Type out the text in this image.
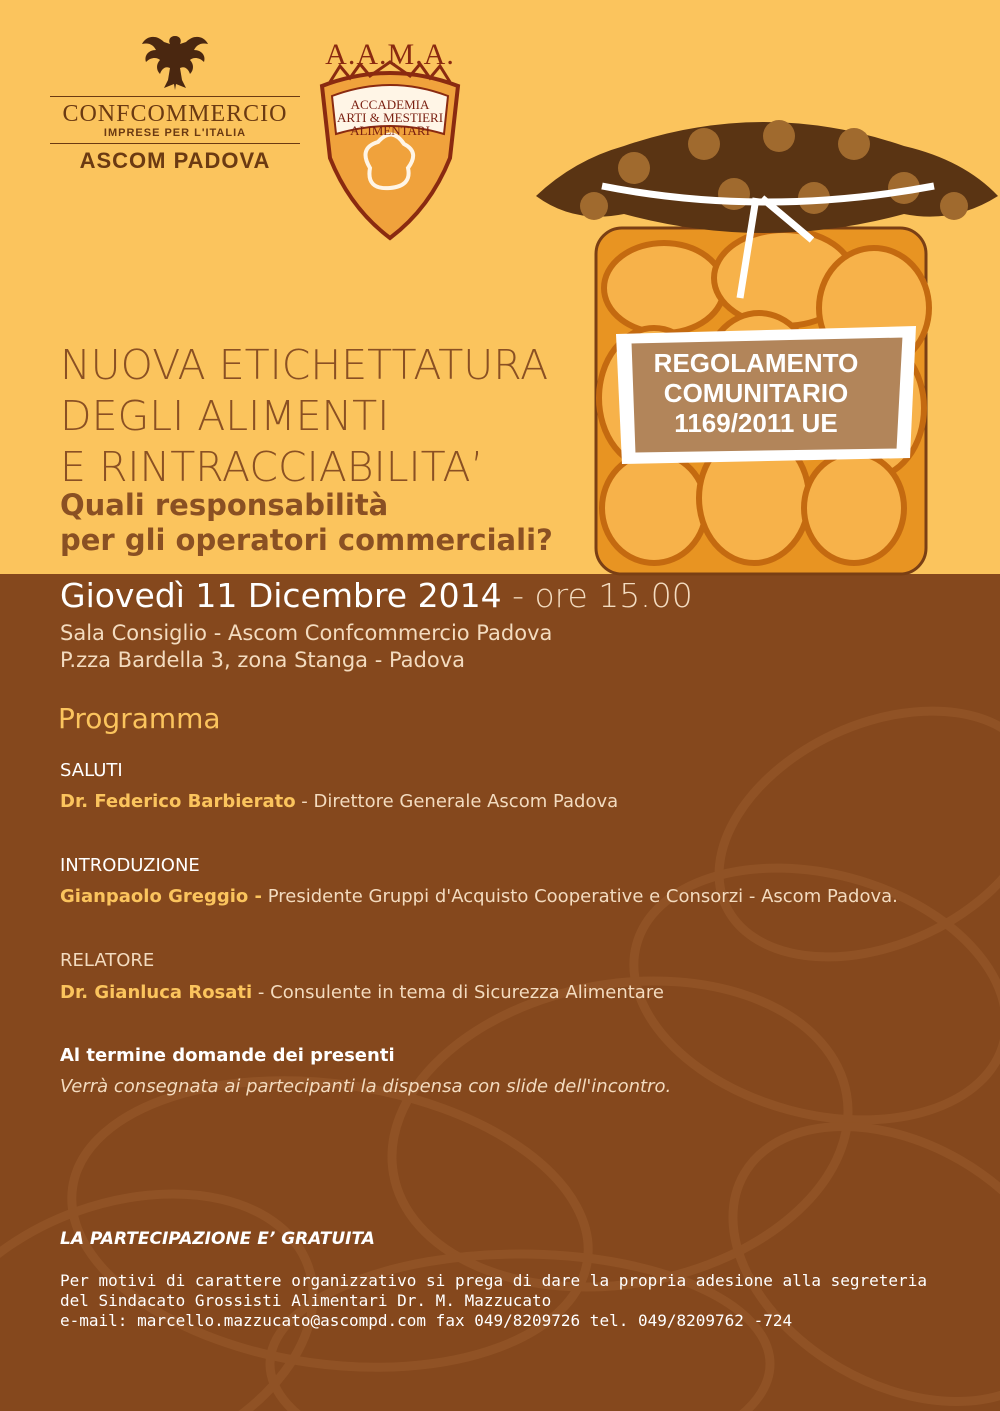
CONFCOMMERCIO
IMPRESE PER L'ITALIA
ASCOM PADOVA
A.A.M.A.
ACCADEMIA
ARTI & MESTIERI
ALIMENTARI
REGOLAMENTO
COMUNITARIO
1169/2011 UE
NUOVA ETICHETTATURA
DEGLI ALIMENTI
E RINTRACCIABILITA’
Quali responsabilità
per gli operatori commerciali?
Giovedì 11 Dicembre 2014 - ore 15.00
Sala Consiglio - Ascom Confcommercio Padova
P.zza Bardella 3, zona Stanga - Padova
Programma
SALUTI
Dr. Federico Barbierato - Direttore Generale Ascom Padova
INTRODUZIONE
Gianpaolo Greggio - Presidente Gruppi d'Acquisto Cooperative e Consorzi - Ascom Padova.
RELATORE
Dr. Gianluca Rosati - Consulente in tema di Sicurezza Alimentare
Al termine domande dei presenti
Verrà consegnata ai partecipanti la dispensa con slide dell'incontro.
LA PARTECIPAZIONE E’ GRATUITA
Per motivi di carattere organizzativo si prega di dare la propria adesione alla segreteria
del Sindacato Grossisti Alimentari Dr. M. Mazzucato
e-mail: marcello.mazzucato@ascompd.com fax 049/8209726 tel. 049/8209762 -724
